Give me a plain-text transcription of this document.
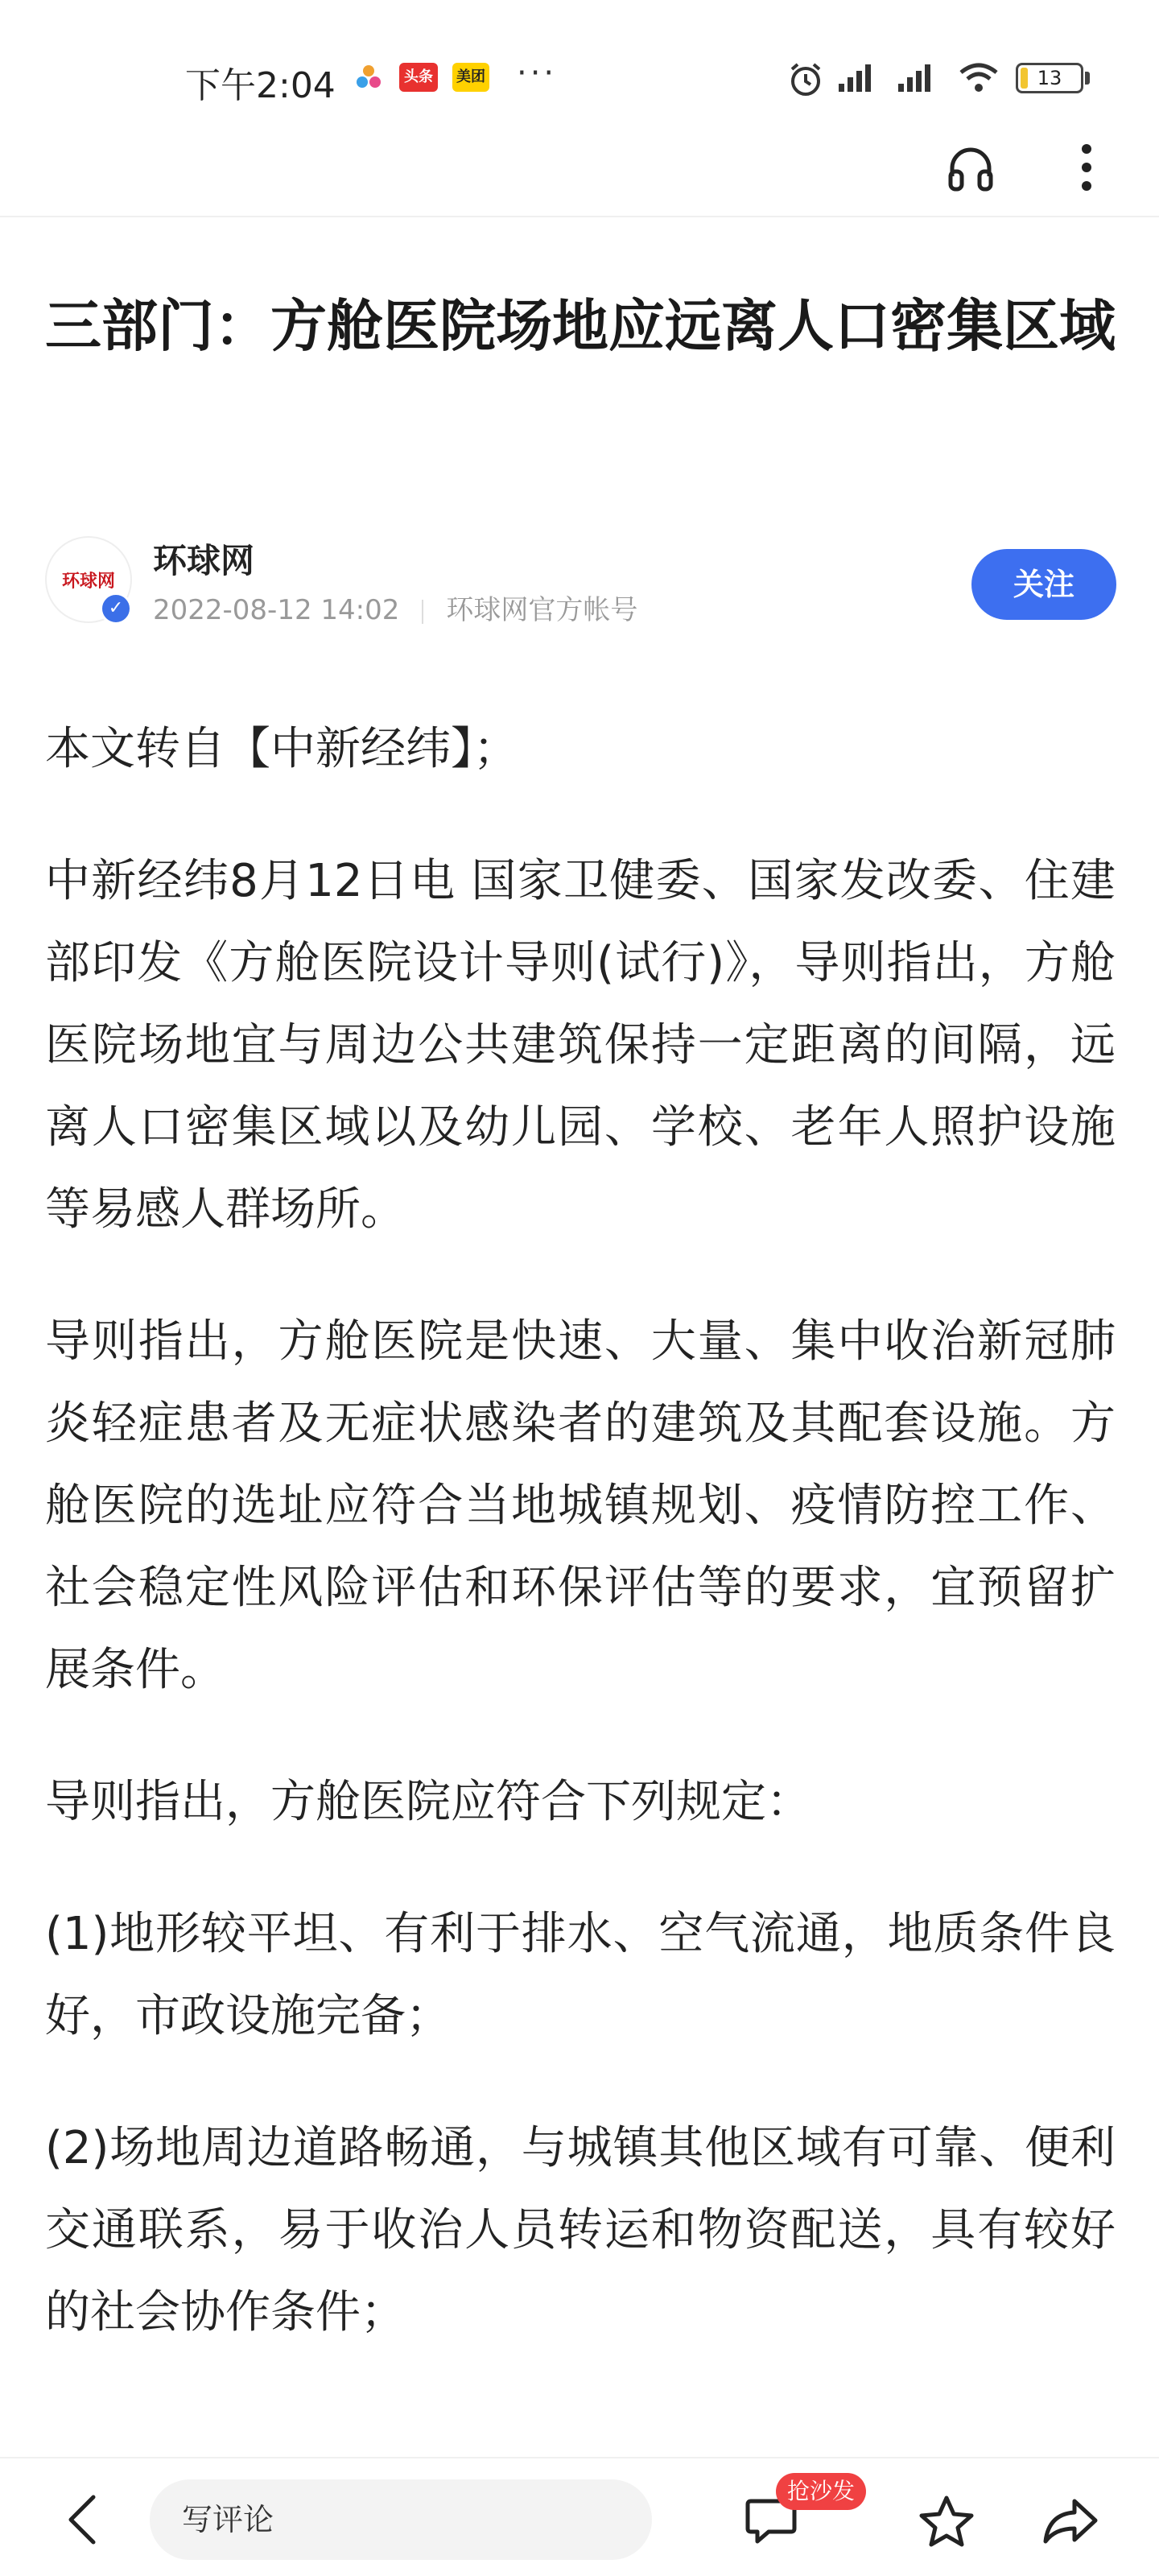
下午2:04	头条	美团 ···	13
三部门：方舱医院场地应远离人口密集区域
环球网
✓
环球网
2022-08-12 14:02 环球网官方帐号
关注

本文转自【中新经纬】；

中新经纬8月12日电 国家卫健委、国家发改委、住建部印发《方舱医院设计导则(试行)》，导则指出，方舱医院场地宜与周边公共建筑保持一定距离的间隔，远离人口密集区域以及幼儿园、学校、老年人照护设施等易感人群场所。

导则指出，方舱医院是快速、大量、集中收治新冠肺炎轻症患者及无症状感染者的建筑及其配套设施。方舱医院的选址应符合当地城镇规划、疫情防控工作、社会稳定性风险评估和环保评估等的要求，宜预留扩展条件。

导则指出，方舱医院应符合下列规定：

(1)地形较平坦、有利于排水、空气流通，地质条件良好，市政设施完备；

(2)场地周边道路畅通，与城镇其他区域有可靠、便利交通联系，易于收治人员转运和物资配送，具有较好的社会协作条件；

写评论
抢沙发
